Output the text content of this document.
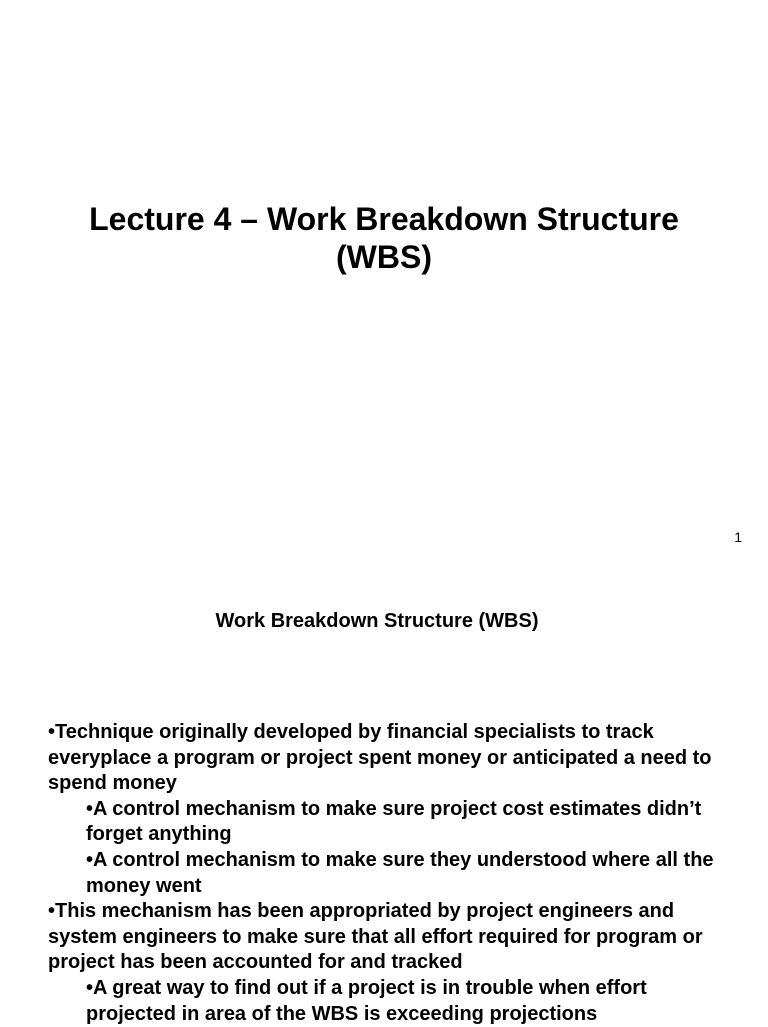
Lecture 4 – Work Breakdown Structure (WBS)
1
Work Breakdown Structure (WBS)
•Technique originally developed by financial specialists to track everyplace a program or project spent money or anticipated a need to spend money
•A control mechanism to make sure project cost estimates didn’t forget anything
•A control mechanism to make sure they understood where all the money went
•This mechanism has been appropriated by project engineers and system engineers to make sure that all effort required for program or project has been accounted for and tracked
•A great way to find out if a project is in trouble when effort projected in area of the WBS is exceeding projections
